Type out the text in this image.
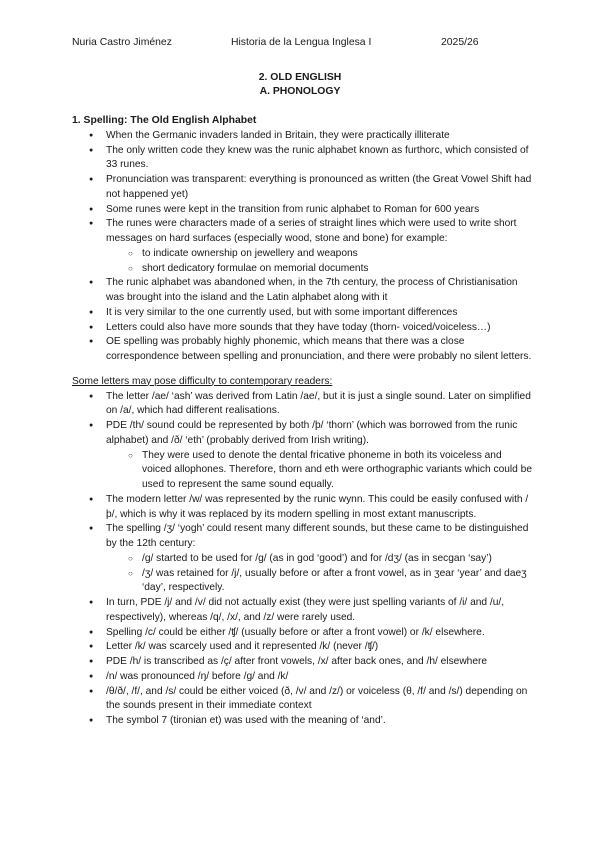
Nuria Castro Jiménez	Historia de la Lengua Inglesa I	2025/26
2. OLD ENGLISH
A. PHONOLOGY
1. Spelling: The Old English Alphabet
● When the Germanic invaders landed in Britain, they were practically illiterate
● The only written code they knew was the runic alphabet known as furthorc, which consisted of 33 runes.
● Pronunciation was transparent: everything is pronounced as written (the Great Vowel Shift had not happened yet)
● Some runes were kept in the transition from runic alphabet to Roman for 600 years
● The runes were characters made of a series of straight lines which were used to write short messages on hard surfaces (especially wood, stone and bone) for example:
○ to indicate ownership on jewellery and weapons
○ short dedicatory formulae on memorial documents
● The runic alphabet was abandoned when, in the 7th century, the process of Christianisation was brought into the island and the Latin alphabet along with it
● It is very similar to the one currently used, but with some important differences
● Letters could also have more sounds that they have today (thorn- voiced/voiceless…)
● OE spelling was probably highly phonemic, which means that there was a close correspondence between spelling and pronunciation, and there were probably no silent letters.
Some letters may pose difficulty to contemporary readers:
● The letter /ae/ ‘ash’ was derived from Latin /ae/, but it is just a single sound. Later on simplified on /a/, which had different realisations.
● PDE /th/ sound could be represented by both /þ/ ‘thorn’ (which was borrowed from the runic alphabet) and /ð/ ‘eth’ (probably derived from Irish writing).
○ They were used to denote the dental fricative phoneme in both its voiceless and voiced allophones. Therefore, thorn and eth were orthographic variants which could be used to represent the same sound equally.
● The modern letter /w/ was represented by the runic wynn. This could be easily confused with /þ/, which is why it was replaced by its modern spelling in most extant manuscripts.
● The spelling /ʒ/ ‘yogh’ could resent many different sounds, but these came to be distinguished by the 12th century:
○ /g/ started to be used for /g/ (as in god ‘good’) and for /dʒ/ (as in secgan ‘say’)
○ /ʒ/ was retained for /j/, usually before or after a front vowel, as in ʒear ‘year’ and daeʒ ‘day’, respectively.
● In turn, PDE /j/ and /v/ did not actually exist (they were just spelling variants of /i/ and /u/, respectively), whereas /q/, /x/, and /z/ were rarely used.
● Spelling /c/ could be either /ʧ/ (usually before or after a front vowel) or /k/ elsewhere.
● Letter /k/ was scarcely used and it represented /k/ (never /ʧ/)
● PDE /h/ is transcribed as /ç/ after front vowels, /x/ after back ones, and /h/ elsewhere
● /n/ was pronounced /ŋ/ before /g/ and /k/
● /θ/ð/, /f/, and /s/ could be either voiced (ð, /v/ and /z/) or voiceless (θ, /f/ and /s/) depending on the sounds present in their immediate context
● The symbol 7 (tironian et) was used with the meaning of ‘and’.
